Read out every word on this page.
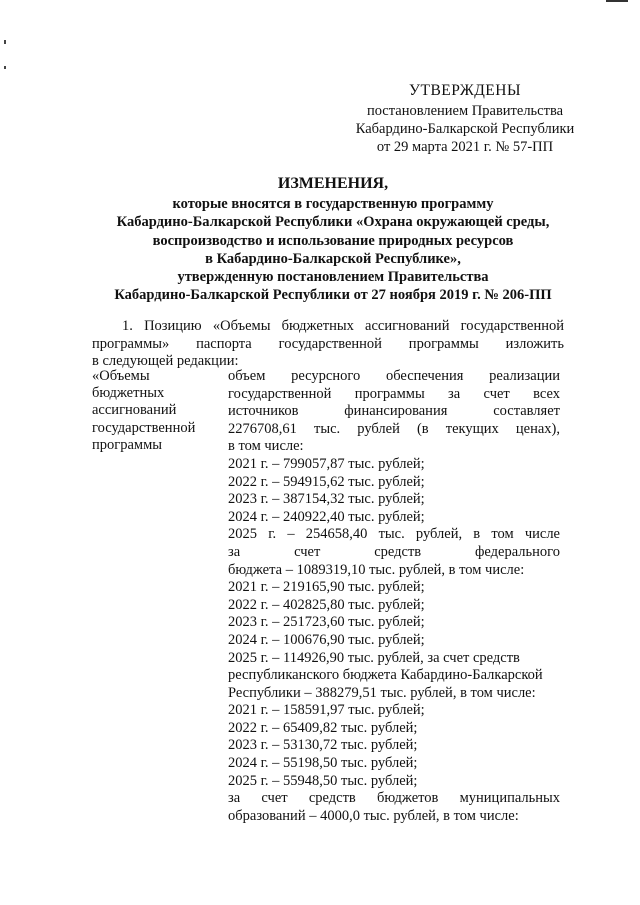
УТВЕРЖДЕНЫ
постановлением Правительства
Кабардино-Балкарской Республики
от 29 марта 2021 г. № 57-ПП
ИЗМЕНЕНИЯ,
которые вносятся в государственную программу
Кабардино-Балкарской Республики «Охрана окружающей среды,
воспроизводство и использование природных ресурсов
в Кабардино-Балкарской Республике»,
утвержденную постановлением Правительства
Кабардино-Балкарской Республики от 27 ноября 2019 г. № 206-ПП

1. Позицию «Объемы бюджетных ассигнований государственной

программы» паспорта государственной программы изложить

в следующей редакции:

«Объемы
бюджетных
ассигнований
государственной
программы
объем ресурсного обеспечения реализации
государственной программы за счет всех
источников финансирования составляет
2276708,61 тыс. рублей (в текущих ценах),
в том числе:
2021 г. – 799057,87 тыс. рублей;
2022 г. – 594915,62 тыс. рублей;
2023 г. – 387154,32 тыс. рублей;
2024 г. – 240922,40 тыс. рублей;
2025 г. – 254658,40 тыс. рублей, в том числе
за счет средств федерального
бюджета – 1089319,10 тыс. рублей, в том числе:
2021 г. – 219165,90 тыс. рублей;
2022 г. – 402825,80 тыс. рублей;
2023 г. – 251723,60 тыс. рублей;
2024 г. – 100676,90 тыс. рублей;
2025 г. – 114926,90 тыс. рублей, за счет средств
республиканского бюджета Кабардино-Балкарской
Республики – 388279,51 тыс. рублей, в том числе:
2021 г. – 158591,97 тыс. рублей;
2022 г. – 65409,82 тыс. рублей;
2023 г. – 53130,72 тыс. рублей;
2024 г. – 55198,50 тыс. рублей;
2025 г. – 55948,50 тыс. рублей;
за счет средств бюджетов муниципальных
образований – 4000,0 тыс. рублей, в том числе:
